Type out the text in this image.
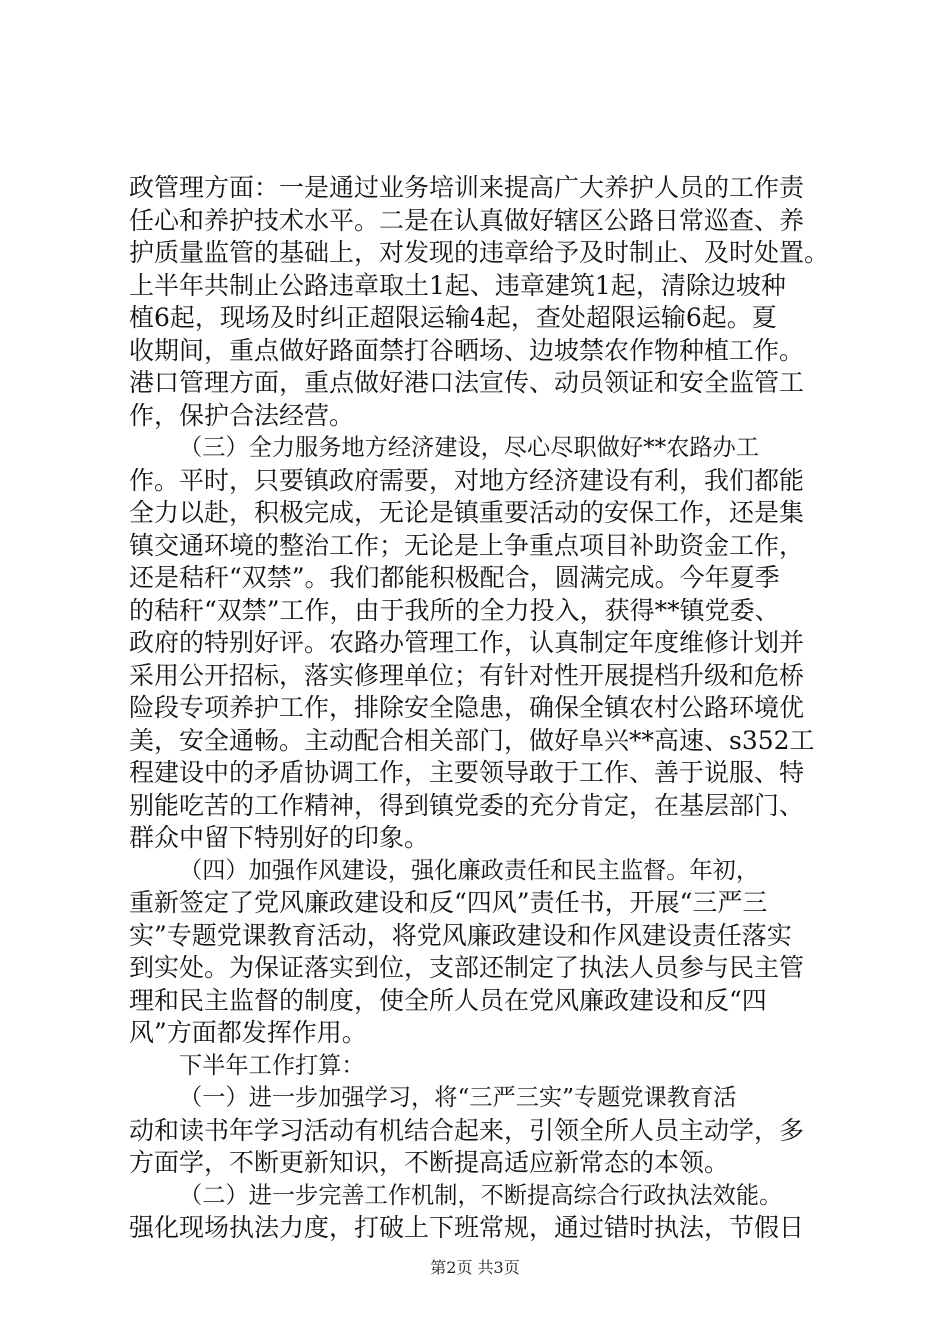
政管理方面：一是通过业务培训来提高广大养护人员的工作责
任心和养护技术水平。二是在认真做好辖区公路日常巡查、养
护质量监管的基础上，对发现的违章给予及时制止、及时处置。
上半年共制止公路违章取土1起、违章建筑1起，清除边坡种
植6起，现场及时纠正超限运输4起，查处超限运输6起。夏
收期间，重点做好路面禁打谷晒场、边坡禁农作物种植工作。
港口管理方面，重点做好港口法宣传、动员领证和安全监管工
作，保护合法经营。
（三）全力服务地方经济建设，尽心尽职做好**农路办工
作。平时，只要镇政府需要，对地方经济建设有利，我们都能
全力以赴，积极完成，无论是镇重要活动的安保工作，还是集
镇交通环境的整治工作；无论是上争重点项目补助资金工作，
还是秸秆“双禁”。我们都能积极配合，圆满完成。今年夏季
的秸秆“双禁”工作，由于我所的全力投入，获得**镇党委、
政府的特别好评。农路办管理工作，认真制定年度维修计划并
采用公开招标，落实修理单位；有针对性开展提档升级和危桥
险段专项养护工作，排除安全隐患，确保全镇农村公路环境优
美，安全通畅。主动配合相关部门，做好阜兴**高速、s352工
程建设中的矛盾协调工作，主要领导敢于工作、善于说服、特
别能吃苦的工作精神，得到镇党委的充分肯定，在基层部门、
群众中留下特别好的印象。
（四）加强作风建设，强化廉政责任和民主监督。年初，
重新签定了党风廉政建设和反“四风”责任书，开展“三严三
实”专题党课教育活动，将党风廉政建设和作风建设责任落实
到实处。为保证落实到位，支部还制定了执法人员参与民主管
理和民主监督的制度，使全所人员在党风廉政建设和反“四
风”方面都发挥作用。
下半年工作打算：
（一）进一步加强学习，将“三严三实”专题党课教育活
动和读书年学习活动有机结合起来，引领全所人员主动学，多
方面学，不断更新知识，不断提高适应新常态的本领。
（二）进一步完善工作机制，不断提高综合行政执法效能。
强化现场执法力度，打破上下班常规，通过错时执法，节假日
第2页 共3页
